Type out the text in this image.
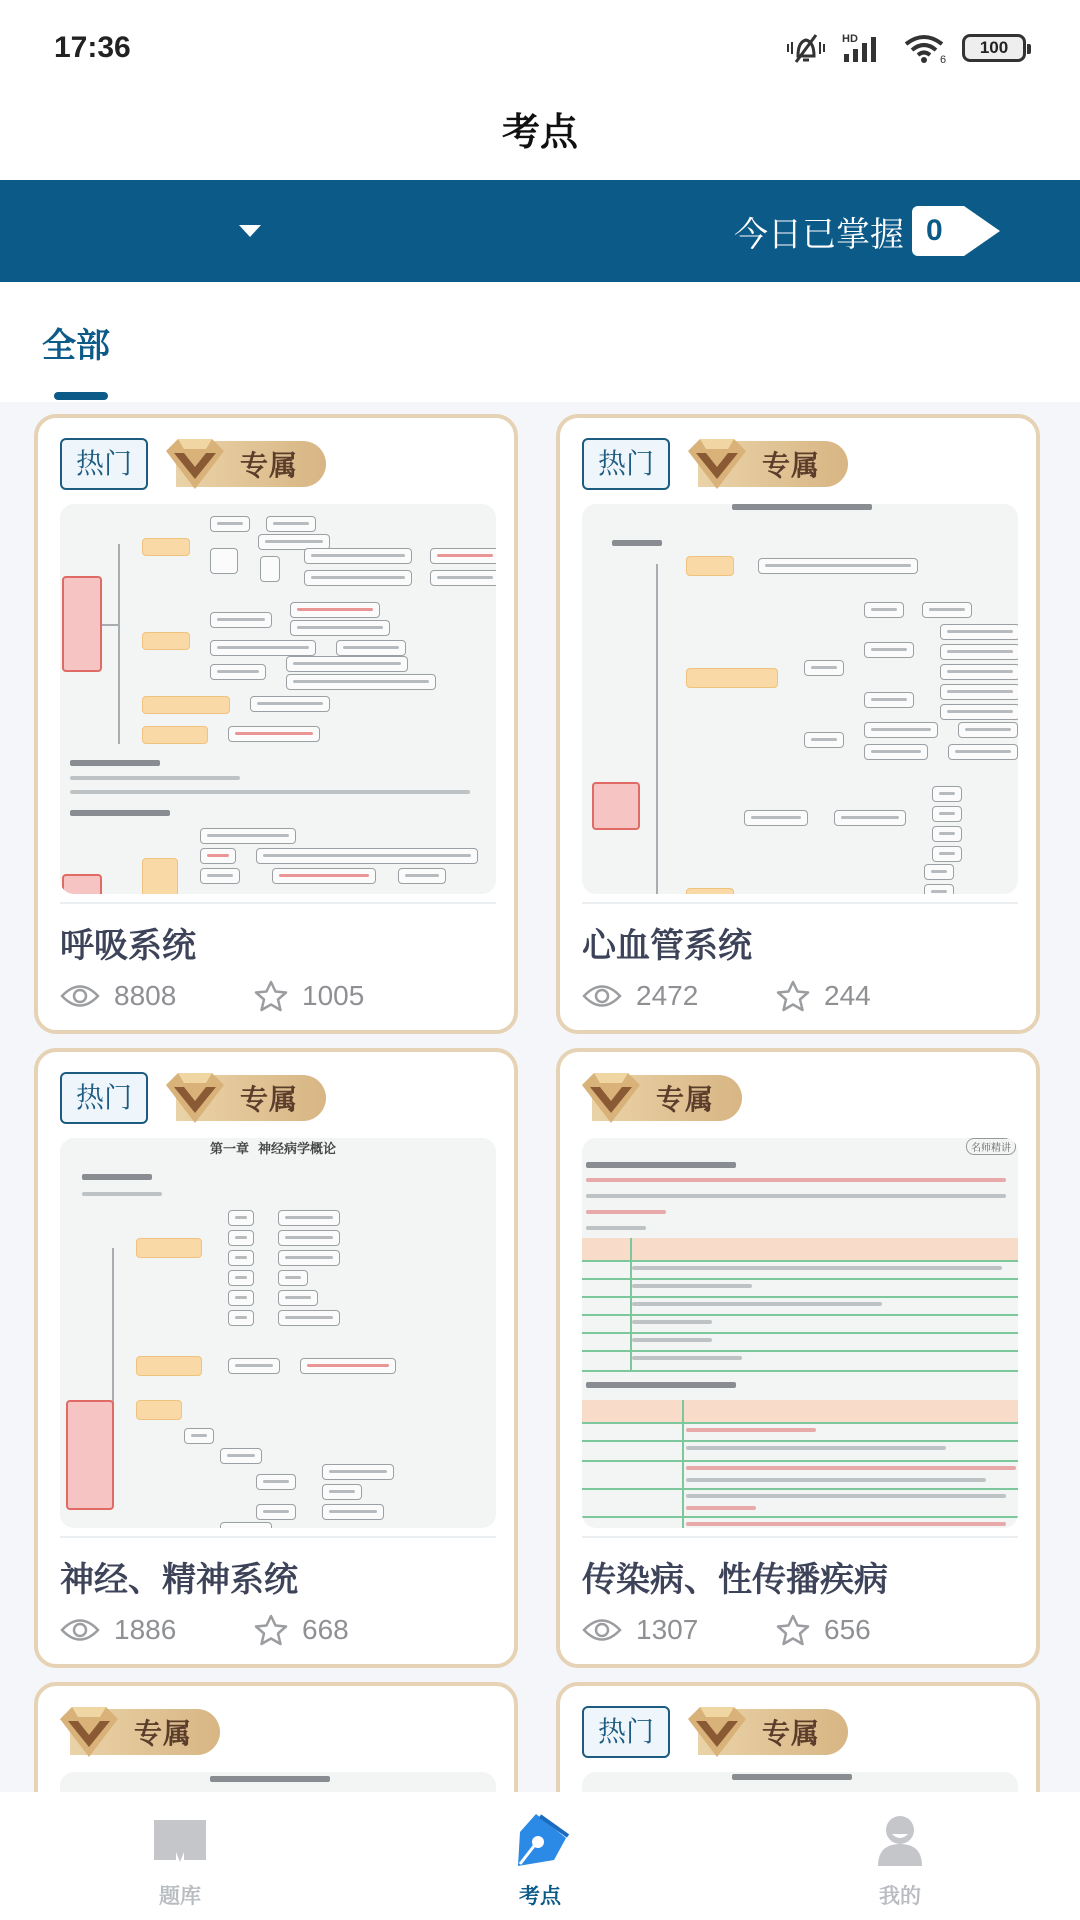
17:36	HD
6
100
考点
今日已掌握 0
全部
热门	专属
呼吸系统
8808	1005
热门	专属
心血管系统
2472	244
热门	专属
第一章  神经病学概论
神经、精神系统
1886	668
专属
名师精讲
传染病、性传播疾病
1307	656
专属	热门	专属
题库	考点	我的
